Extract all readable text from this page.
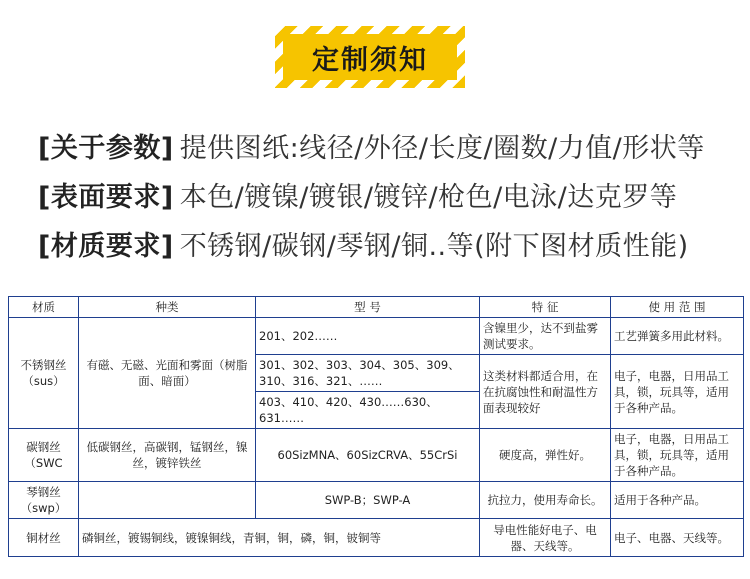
定制须知
[关于参数] 提供图纸:线径/外径/长度/圈数/力值/形状等
[表面要求] 本色/镀镍/镀银/镀锌/枪色/电泳/达克罗等
[材质要求] 不锈钢/碳钢/琴钢/铜..等(附下图材质性能)
材质	种类	型 号	特 征	使 用 范 围
不锈钢丝（sus）	有磁、无磁、光面和雾面（树脂面、暗面）	201、202……	含镍里少，达不到盐雾测试要求。	工艺弹簧多用此材料。
		301、302、303、304、305、309、310、316、321、……	这类材料都适合用，在在抗腐蚀性和耐温性方面表现较好	电子，电器，日用品工具，锁，玩具等，适用于各种产品。
		403、410、420、430……630、631……		
碳钢丝（SWC	低碳钢丝，高碳钢，锰钢丝，镍丝，镀锌铁丝	60SizMNA、60SizCRVA、55CrSi	硬度高，弹性好。	电子，电器，日用品工具，锁，玩具等，适用于各种产品。
琴钢丝（swp）		SWP-B；SWP-A	抗拉力，使用寿命长。	适用于各种产品。
铜材丝	磷铜丝，镀锡铜线，镀镍铜线，青铜，铜，磷，铜，铍铜等		导电性能好电子、电器、天线等。	电子、电器、天线等。
